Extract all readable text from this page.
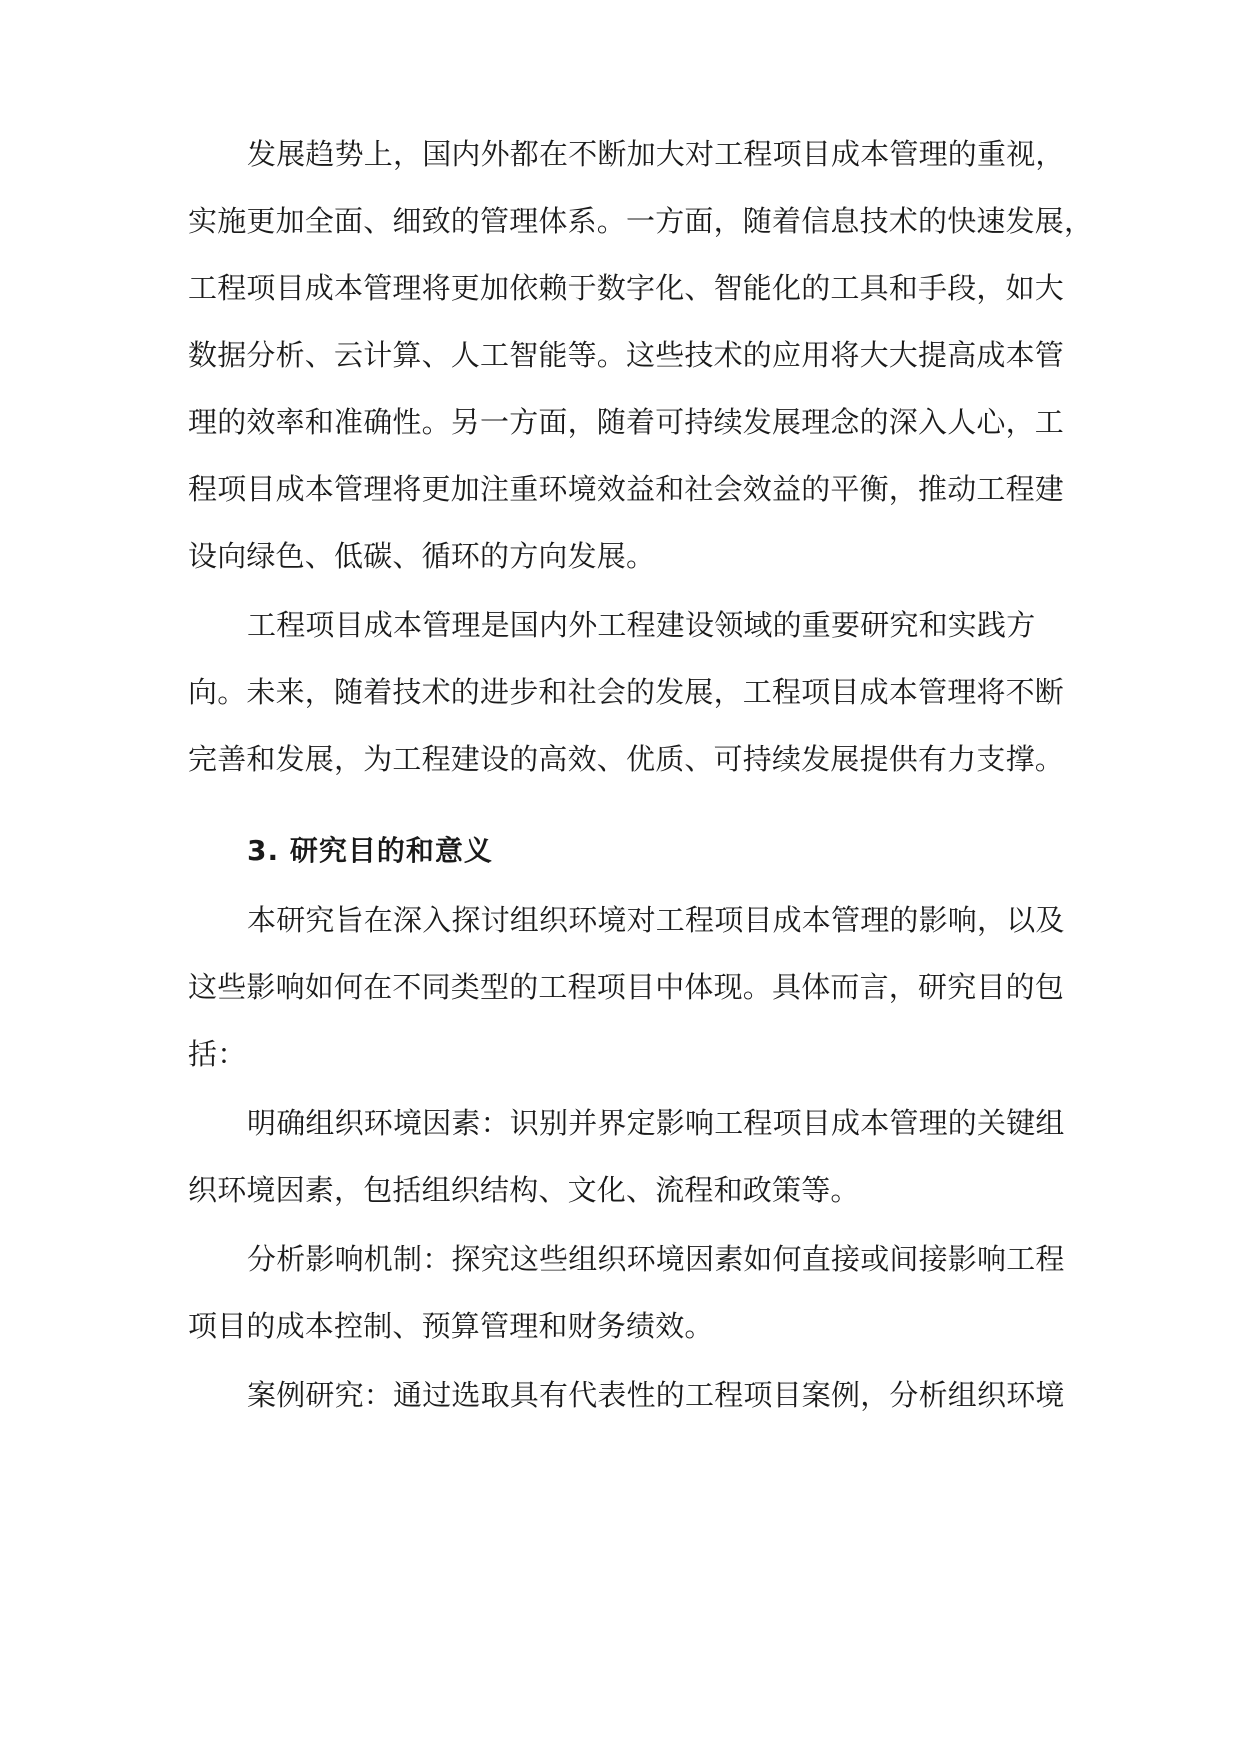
发展趋势上，国内外都在不断加大对工程项目成本管理的重视，
实施更加全面、细致的管理体系。一方面，随着信息技术的快速发展，
工程项目成本管理将更加依赖于数字化、智能化的工具和手段，如大
数据分析、云计算、人工智能等。这些技术的应用将大大提高成本管
理的效率和准确性。另一方面，随着可持续发展理念的深入人心，工
程项目成本管理将更加注重环境效益和社会效益的平衡，推动工程建
设向绿色、低碳、循环的方向发展。
工程项目成本管理是国内外工程建设领域的重要研究和实践方
向。未来，随着技术的进步和社会的发展，工程项目成本管理将不断
完善和发展，为工程建设的高效、优质、可持续发展提供有力支撑。
3. 研究目的和意义
本研究旨在深入探讨组织环境对工程项目成本管理的影响，以及
这些影响如何在不同类型的工程项目中体现。具体而言，研究目的包
括：
明确组织环境因素：识别并界定影响工程项目成本管理的关键组
织环境因素，包括组织结构、文化、流程和政策等。
分析影响机制：探究这些组织环境因素如何直接或间接影响工程
项目的成本控制、预算管理和财务绩效。
案例研究：通过选取具有代表性的工程项目案例，分析组织环境
